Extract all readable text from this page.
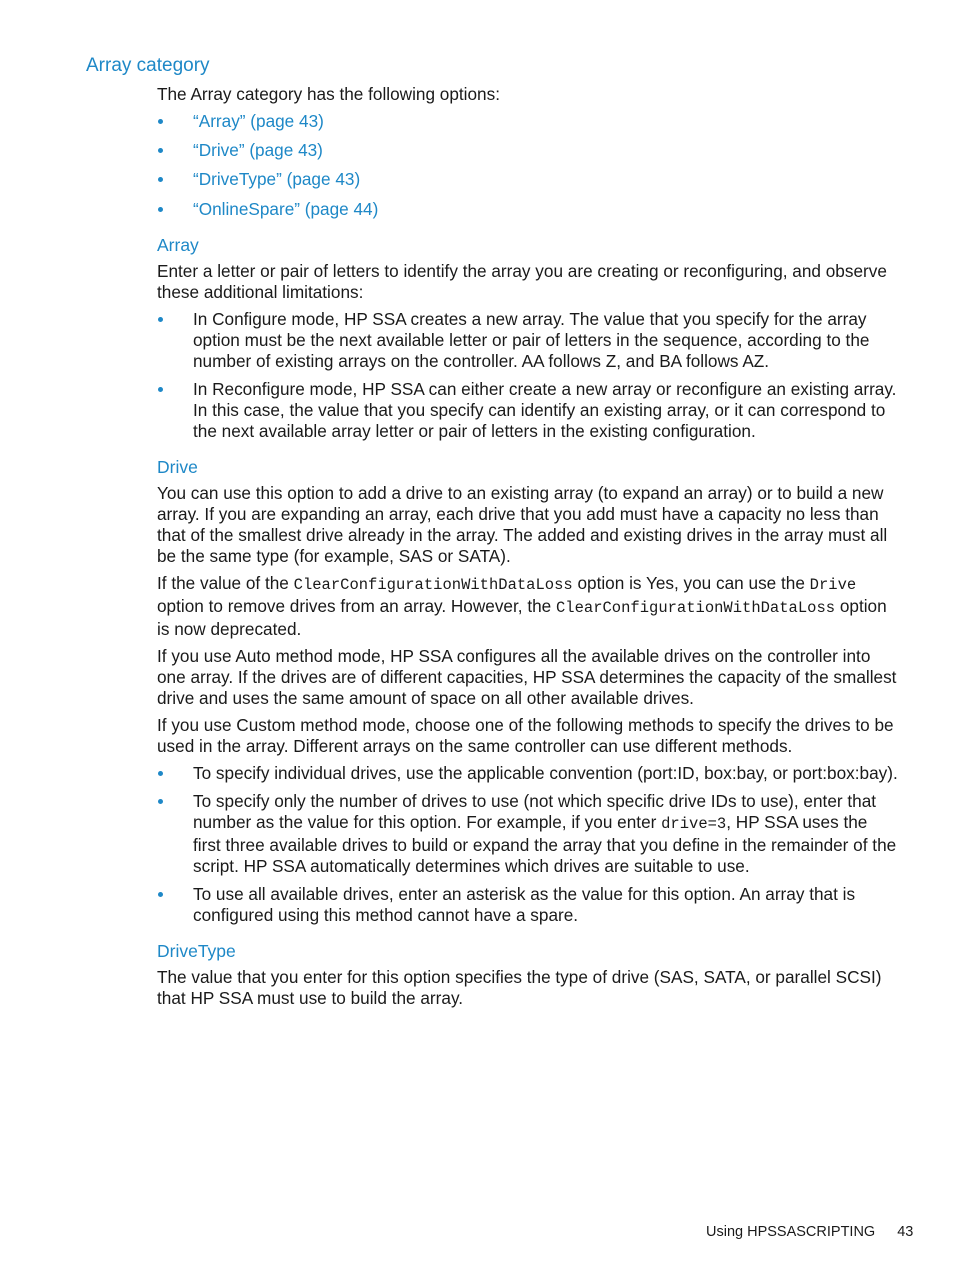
Array category

The Array category has the following options:

“Array” (page 43)
“Drive” (page 43)
“DriveType” (page 43)
“OnlineSpare” (page 44)
Array

Enter a letter or pair of letters to identify the array you are creating or reconfiguring, and observe these additional limitations:

In Configure mode, HP SSA creates a new array. The value that you specify for the array option must be the next available letter or pair of letters in the sequence, according to the number of existing arrays on the controller. AA follows Z, and BA follows AZ.
In Reconfigure mode, HP SSA can either create a new array or reconfigure an existing array. In this case, the value that you specify can identify an existing array, or it can correspond to the next available array letter or pair of letters in the existing configuration.
Drive

You can use this option to add a drive to an existing array (to expand an array) or to build a new array. If you are expanding an array, each drive that you add must have a capacity no less than that of the smallest drive already in the array. The added and existing drives in the array must all be the same type (for example, SAS or SATA).

If the value of the ClearConfigurationWithDataLoss option is Yes, you can use the Drive option to remove drives from an array. However, the ClearConfigurationWithDataLoss option is now deprecated.

If you use Auto method mode, HP SSA configures all the available drives on the controller into one array. If the drives are of different capacities, HP SSA determines the capacity of the smallest drive and uses the same amount of space on all other available drives.

If you use Custom method mode, choose one of the following methods to specify the drives to be used in the array. Different arrays on the same controller can use different methods.

To specify individual drives, use the applicable convention (port:ID, box:bay, or port:box:bay).
To specify only the number of drives to use (not which specific drive IDs to use), enter that number as the value for this option. For example, if you enter drive=3, HP SSA uses the first three available drives to build or expand the array that you define in the remainder of the script. HP SSA automatically determines which drives are suitable to use.
To use all available drives, enter an asterisk as the value for this option. An array that is configured using this method cannot have a spare.
DriveType

The value that you enter for this option specifies the type of drive (SAS, SATA, or parallel SCSI) that HP SSA must use to build the array.

Using HPSSASCRIPTING 43
